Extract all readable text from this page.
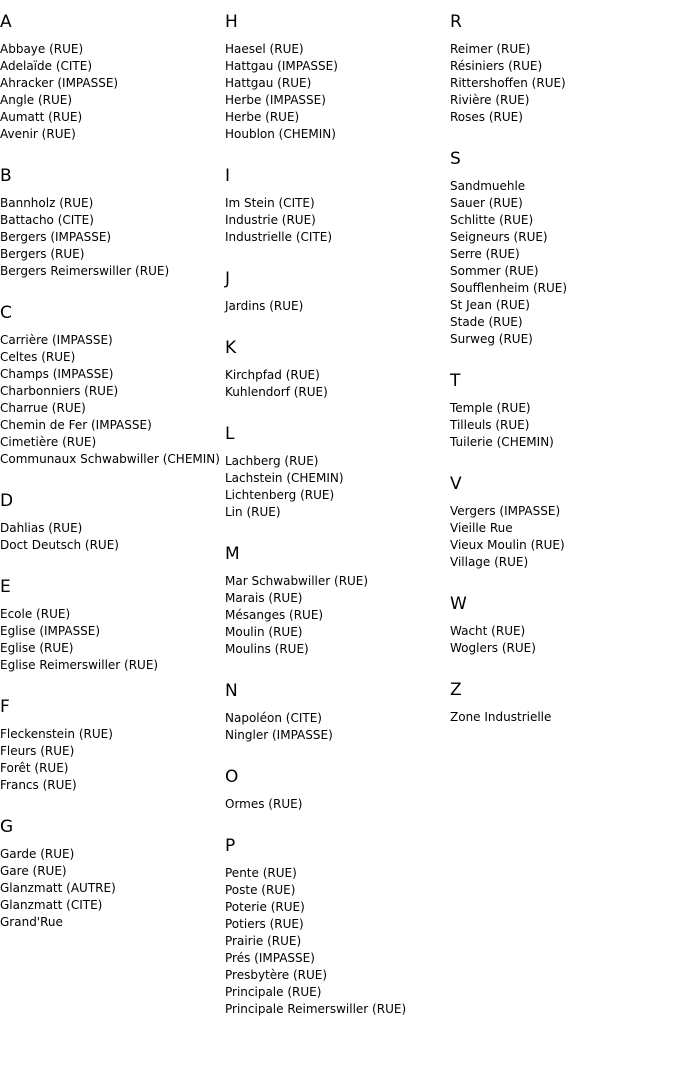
A
Abbaye (RUE)
Adelaïde (CITE)
Ahracker (IMPASSE)
Angle (RUE)
Aumatt (RUE)
Avenir (RUE)
B
Bannholz (RUE)
Battacho (CITE)
Bergers (IMPASSE)
Bergers (RUE)
Bergers Reimerswiller (RUE)
C
Carrière (IMPASSE)
Celtes (RUE)
Champs (IMPASSE)
Charbonniers (RUE)
Charrue (RUE)
Chemin de Fer (IMPASSE)
Cimetière (RUE)
Communaux Schwabwiller (CHEMIN)
D
Dahlias (RUE)
Doct Deutsch (RUE)
E
Ecole (RUE)
Eglise (IMPASSE)
Eglise (RUE)
Eglise Reimerswiller (RUE)
F
Fleckenstein (RUE)
Fleurs (RUE)
Forêt (RUE)
Francs (RUE)
G
Garde (RUE)
Gare (RUE)
Glanzmatt (AUTRE)
Glanzmatt (CITE)
Grand'Rue
H
Haesel (RUE)
Hattgau (IMPASSE)
Hattgau (RUE)
Herbe (IMPASSE)
Herbe (RUE)
Houblon (CHEMIN)
I
Im Stein (CITE)
Industrie (RUE)
Industrielle (CITE)
J
Jardins (RUE)
K
Kirchpfad (RUE)
Kuhlendorf (RUE)
L
Lachberg (RUE)
Lachstein (CHEMIN)
Lichtenberg (RUE)
Lin (RUE)
M
Mar Schwabwiller (RUE)
Marais (RUE)
Mésanges (RUE)
Moulin (RUE)
Moulins (RUE)
N
Napoléon (CITE)
Ningler (IMPASSE)
O
Ormes (RUE)
P
Pente (RUE)
Poste (RUE)
Poterie (RUE)
Potiers (RUE)
Prairie (RUE)
Prés (IMPASSE)
Presbytère (RUE)
Principale (RUE)
Principale Reimerswiller (RUE)
R
Reimer (RUE)
Résiniers (RUE)
Rittershoffen (RUE)
Rivière (RUE)
Roses (RUE)
S
Sandmuehle
Sauer (RUE)
Schlitte (RUE)
Seigneurs (RUE)
Serre (RUE)
Sommer (RUE)
Soufflenheim (RUE)
St Jean (RUE)
Stade (RUE)
Surweg (RUE)
T
Temple (RUE)
Tilleuls (RUE)
Tuilerie (CHEMIN)
V
Vergers (IMPASSE)
Vieille Rue
Vieux Moulin (RUE)
Village (RUE)
W
Wacht (RUE)
Woglers (RUE)
Z
Zone Industrielle
